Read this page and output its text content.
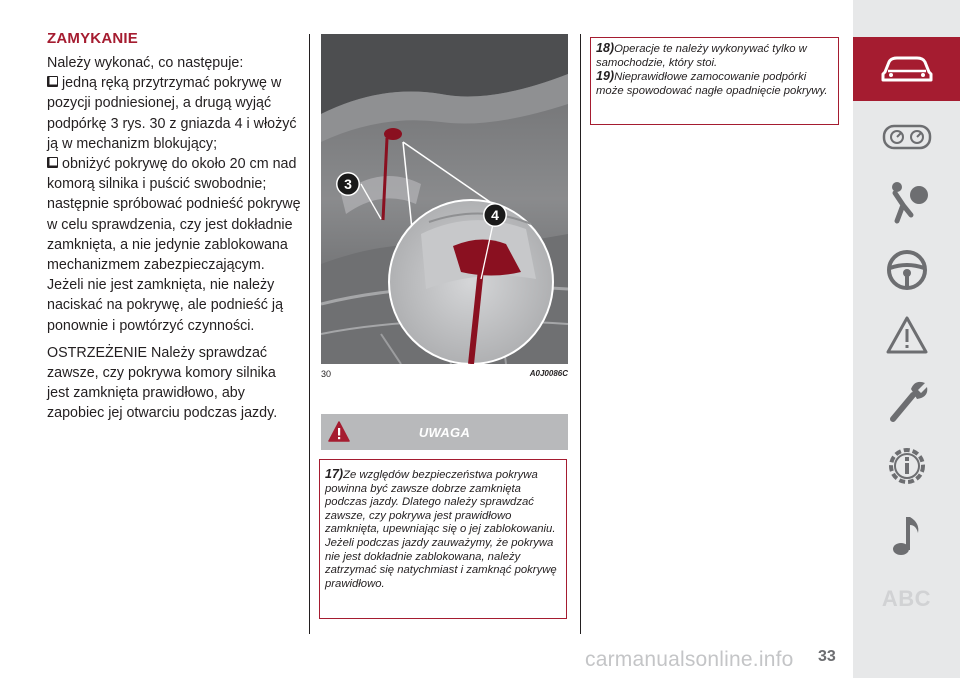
ZAMYKANIE

Należy wykonać, co następuje:

jedną ręką przytrzymać pokrywę w pozycji podniesionej, a drugą wyjąć podpórkę 3 rys. 30 z gniazda 4 i włożyć ją w mechanizm blokujący;

obniżyć pokrywę do około 20 cm nad komorą silnika i puścić swobodnie; następnie spróbować podnieść pokrywę w celu sprawdzenia, czy jest dokładnie zamknięta, a nie jedynie zablokowana mechanizmem zabezpieczającym. Jeżeli nie jest zamknięta, nie należy naciskać na pokrywę, ale podnieść ją ponownie i powtórzyć czynności.

OSTRZEŻENIE Należy sprawdzać zawsze, czy pokrywa komory silnika jest zamknięta prawidłowo, aby zapobiec jej otwarciu podczas jazdy.

3
4
30	A0J0086C
UWAGA
17)Ze względów bezpieczeństwa pokrywa powinna być zawsze dobrze zamknięta podczas jazdy. Dlatego należy sprawdzać zawsze, czy pokrywa jest prawidłowo zamknięta, upewniając się o jej zablokowaniu. Jeżeli podczas jazdy zauważymy, że pokrywa nie jest dokładnie zablokowana, należy zatrzymać się natychmiast i zamknąć pokrywę prawidłowo.
18)Operacje te należy wykonywać tylko w samochodzie, który stoi.
19)Nieprawidłowe zamocowanie podpórki może spowodować nagłe opadnięcie pokrywy.
ABC
carmanualsonline.info 33
